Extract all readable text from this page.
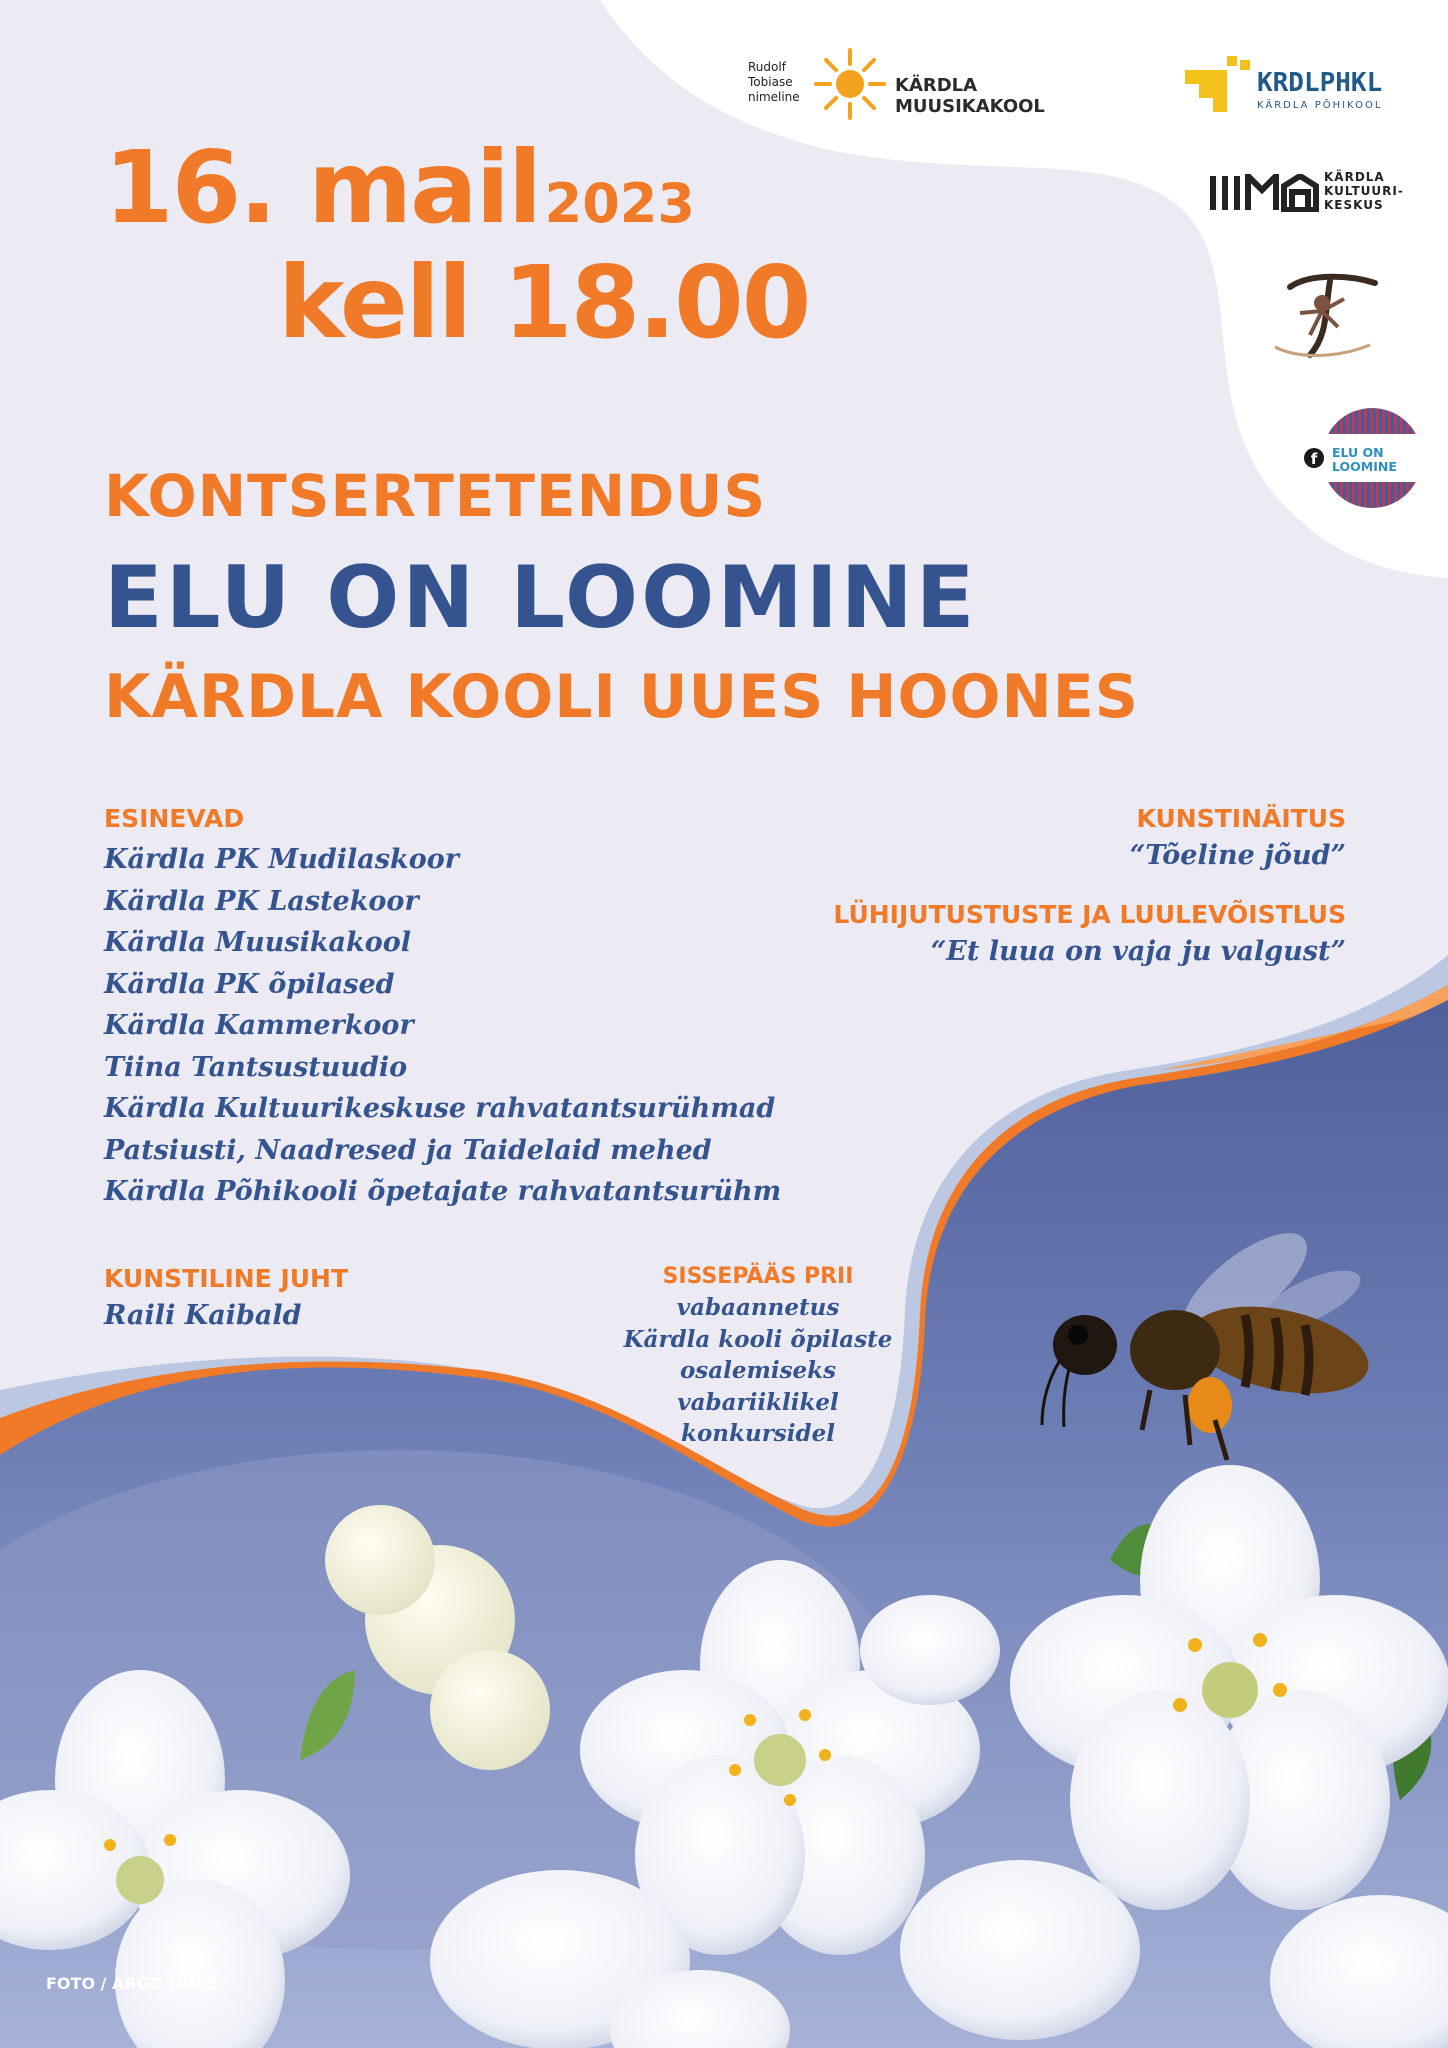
Rudolf
Tobiase
nimeline
KÄRDLA MUUSIKAKOOL
KRDLPHKL
KÄRDLA PÕHIKOOL
KÄRDLA
KULTUURI-
KESKUS
f	ELU ON
LOOMINE
16. mail 2023
kell 18.00
KONTSERTETENDUS
ELU ON LOOMINE
KÄRDLA KOOLI UUES HOONES
ESINEVAD
Kärdla PK Mudilaskoor
Kärdla PK Lastekoor
Kärdla Muusikakool
Kärdla PK õpilased
Kärdla Kammerkoor
Tiina Tantsustuudio
Kärdla Kultuurikeskuse rahvatantsurühmad
Patsiusti, Naadresed ja Taidelaid mehed
Kärdla Põhikooli õpetajate rahvatantsurühm
KUNSTINÄITUS
“Tõeline jõud”
LÜHIJUTUSTUSTE JA LUULEVÕISTLUS
“Et luua on vaja ju valgust”
KUNSTILINE JUHT
Raili Kaibald
SISSEPÄÄS PRII
vabaannetus
Kärdla kooli õpilaste
osalemiseks
vabariiklikel
konkursidel
FOTO / ARGO NURS
